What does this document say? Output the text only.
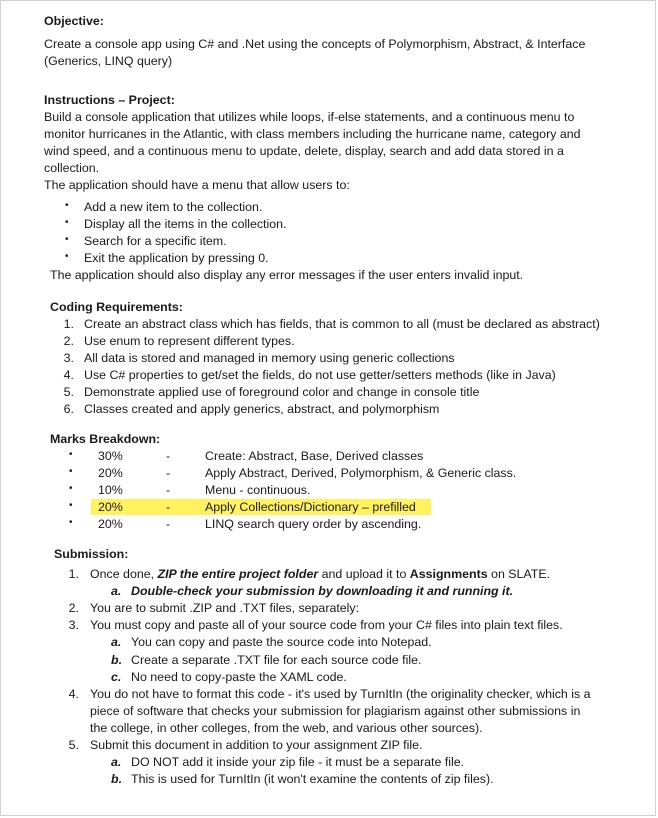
Objective:
Create a console app using C# and .Net using the concepts of Polymorphism, Abstract, & Interface
(Generics, LINQ query)
Instructions – Project:
Build a console application that utilizes while loops, if-else statements, and a continuous menu to
monitor hurricanes in the Atlantic, with class members including the hurricane name, category and
wind speed, and a continuous menu to update, delete, display, search and add data stored in a
collection.
The application should have a menu that allow users to:
• Add a new item to the collection.
• Display all the items in the collection.
• Search for a specific item.
• Exit the application by pressing 0.
The application should also display any error messages if the user enters invalid input.
Coding Requirements:
1. Create an abstract class which has fields, that is common to all (must be declared as abstract)
2. Use enum to represent different types.
3. All data is stored and managed in memory using generic collections
4. Use C# properties to get/set the fields, do not use getter/setters methods (like in Java)
5. Demonstrate applied use of foreground color and change in console title
6. Classes created and apply generics, abstract, and polymorphism
Marks Breakdown:
• 30%	-	Create: Abstract, Base, Derived classes
• 20%	-	Apply Abstract, Derived, Polymorphism, & Generic class.
• 10%	-	Menu - continuous.
• 20%	-	Apply Collections/Dictionary – prefilled
• 20%	-	LINQ search query order by ascending.
Submission:
1. Once done, ZIP the entire project folder and upload it to Assignments on SLATE.
a. Double-check your submission by downloading it and running it.
2. You are to submit .ZIP and .TXT files, separately:
3. You must copy and paste all of your source code from your C# files into plain text files.
a. You can copy and paste the source code into Notepad.
b. Create a separate .TXT file for each source code file.
c. No need to copy-paste the XAML code.
4. You do not have to format this code - it's used by TurnItIn (the originality checker, which is a
piece of software that checks your submission for plagiarism against other submissions in
the college, in other colleges, from the web, and various other sources).
5. Submit this document in addition to your assignment ZIP file.
a. DO NOT add it inside your zip file - it must be a separate file.
b. This is used for TurnItIn (it won't examine the contents of zip files).
